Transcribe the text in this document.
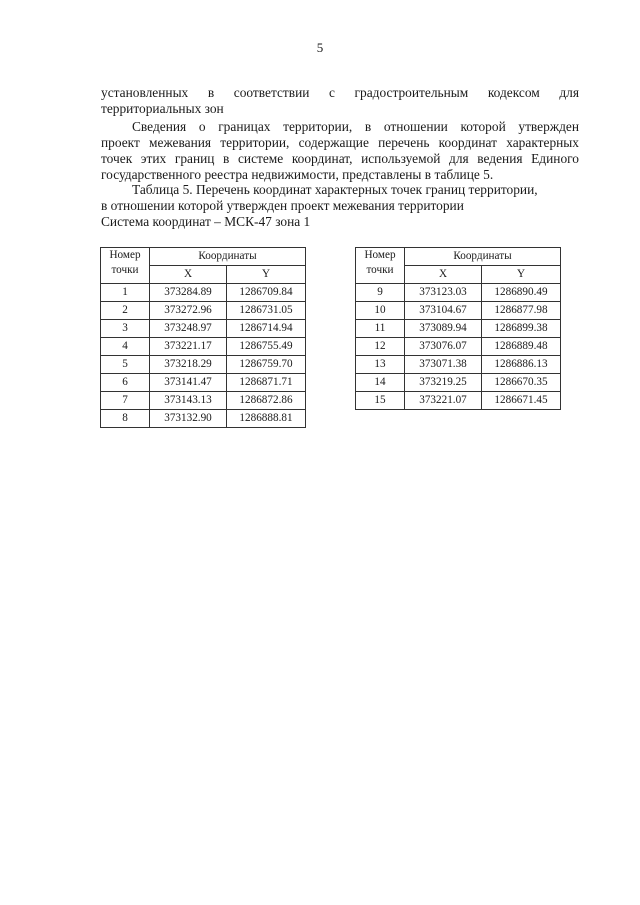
5
установленных в соответствии с градостроительным кодексом для
территориальных зон
Сведения о границах территории, в отношении которой утвержден
проект межевания территории, содержащие перечень координат характерных
точек этих границ в системе координат, используемой для ведения Единого
государственного реестра недвижимости, представлены в таблице 5.
Таблица 5. Перечень координат характерных точек границ территории,
в отношении которой утвержден проект межевания территории
Система координат – МСК-47 зона 1
Номер точки	Координаты	
	X	Y
1	373284.89	1286709.84
2	373272.96	1286731.05
3	373248.97	1286714.94
4	373221.17	1286755.49
5	373218.29	1286759.70
6	373141.47	1286871.71
7	373143.13	1286872.86
8	373132.90	1286888.81
Номер точки	Координаты	
	X	Y
9	373123.03	1286890.49
10	373104.67	1286877.98
11	373089.94	1286899.38
12	373076.07	1286889.48
13	373071.38	1286886.13
14	373219.25	1286670.35
15	373221.07	1286671.45
